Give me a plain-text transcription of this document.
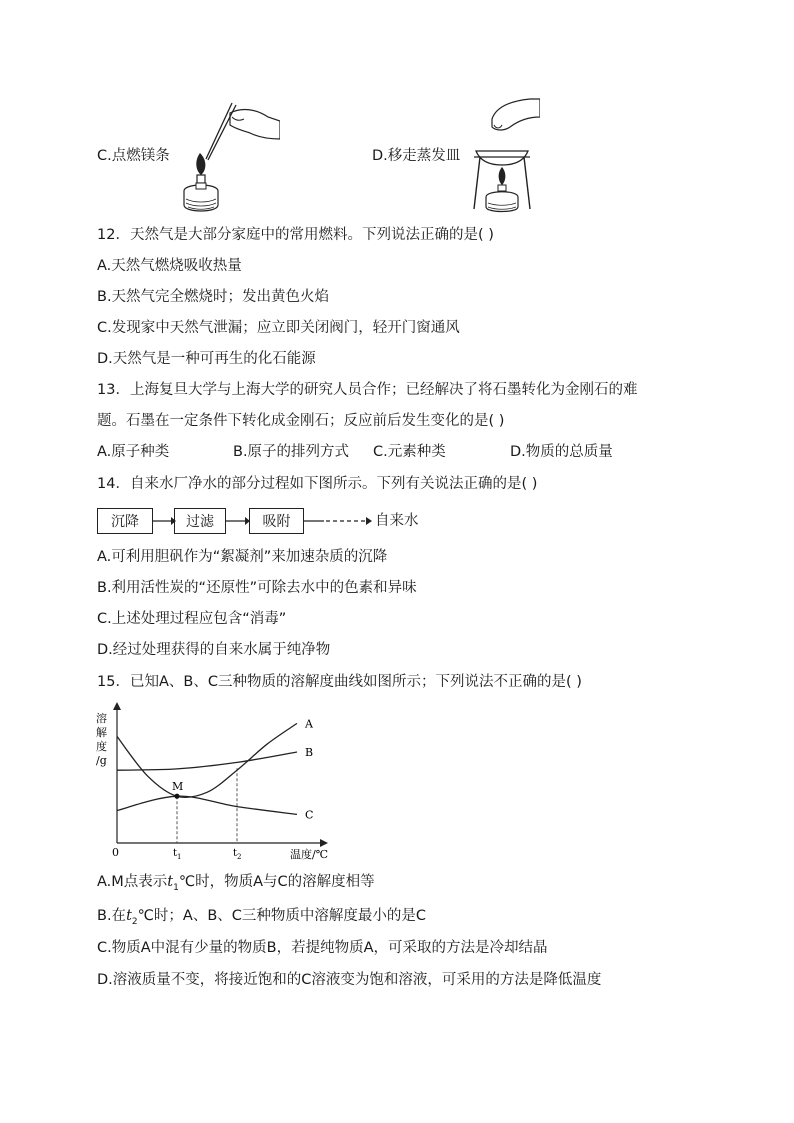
C.点燃镁条	D.移走蒸发皿
12．天然气是大部分家庭中的常用燃料。下列说法正确的是( )
A.天然气燃烧吸收热量
B.天然气完全燃烧时；发出黄色火焰
C.发现家中天然气泄漏；应立即关闭阀门，轻开门窗通风
D.天然气是一种可再生的化石能源
13．上海复旦大学与上海大学的研究人员合作；已经解决了将石墨转化为金刚石的难
题。石墨在一定条件下转化成金刚石；反应前后发生变化的是( )
A.原子种类	B.原子的排列方式 C.元素种类	D.物质的总质量
14．自来水厂净水的部分过程如下图所示。下列有关说法正确的是( )
沉降	过滤	吸附	自来水
A.可利用胆矾作为“絮凝剂”来加速杂质的沉降
B.利用活性炭的“还原性”可除去水中的色素和异味
C.上述处理过程应包含“消毒”
D.经过处理获得的自来水属于纯净物
15．已知A、B、C三种物质的溶解度曲线如图所示；下列说法不正确的是( )
溶
解
度
/g
0	温度/℃
$t_1$	$t_2$
A
B
C
M
A.M点表示$t_1℃$时，物质A与C的溶解度相等
B.在$t_2℃$时；A、B、C三种物质中溶解度最小的是C
C.物质A中混有少量的物质B，若提纯物质A，可采取的方法是冷却结晶
D.溶液质量不变，将接近饱和的C溶液变为饱和溶液，可采用的方法是降低温度
